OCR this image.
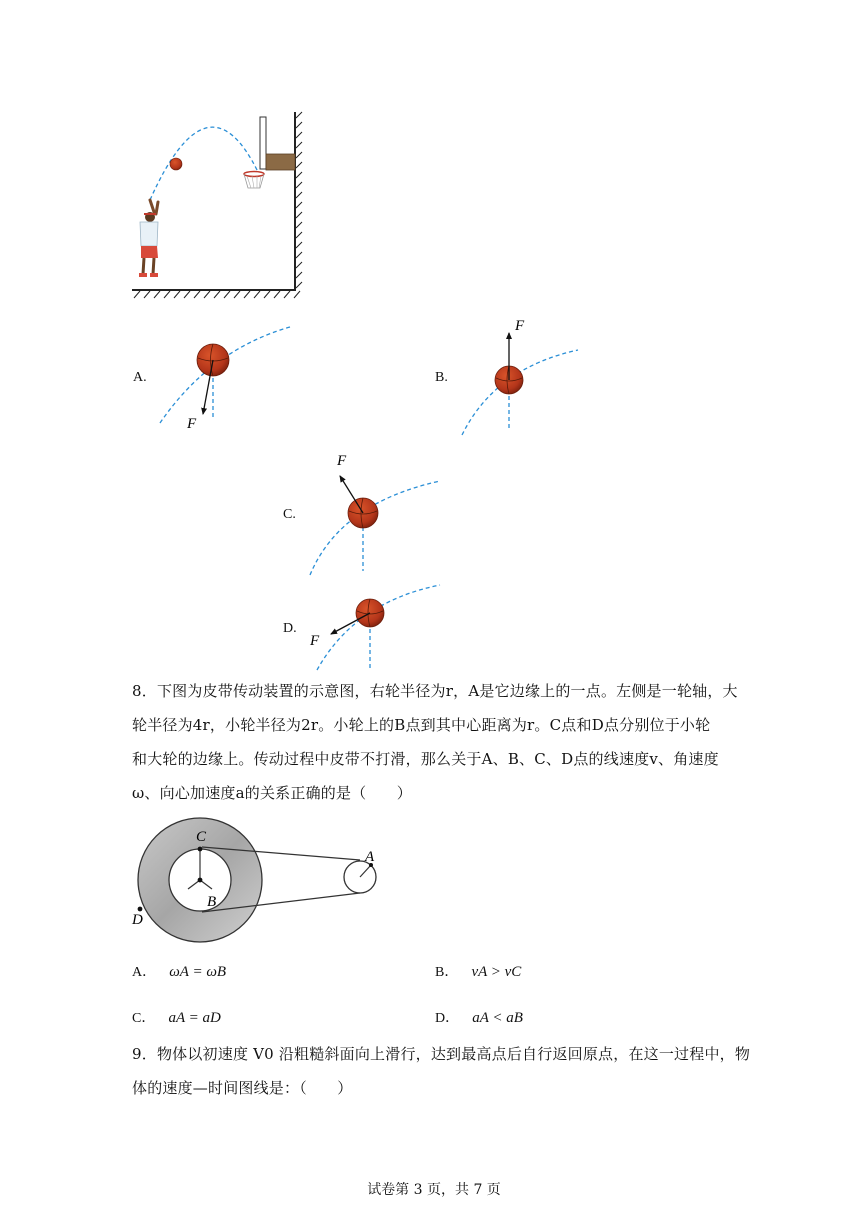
A.
F
B.
F
C.
F
D.
F
8．下图为皮带传动装置的示意图，右轮半径为r，A是它边缘上的一点。左侧是一轮轴，大
轮半径为4r，小轮半径为2r。小轮上的B点到其中心距离为r。C点和D点分别位于小轮
和大轮的边缘上。传动过程中皮带不打滑，那么关于A、B、C、D点的线速度v、角速度
ω、向心加速度a的关系正确的是（　　）
C
A
B
D
A． ωA = ωB	B． vA > vC
C． aA = aD	D． aA < aB
9．物体以初速度 V0 沿粗糙斜面向上滑行，达到最高点后自行返回原点，在这一过程中，物
体的速度—时间图线是：（　　）
试卷第 3 页，共 7 页
